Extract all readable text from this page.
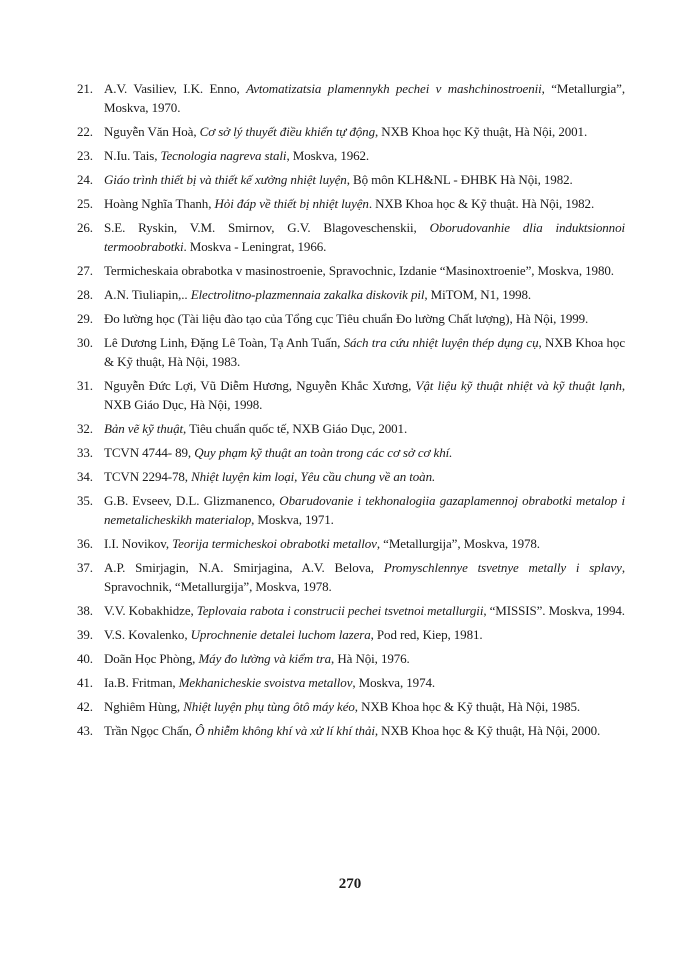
21. A.V. Vasiliev, I.K. Enno, Avtomatizatsia plamennykh pechei v mashchinostroenii, “Metallurgia”, Moskva, 1970.
22. Nguyễn Văn Hoà, Cơ sở lý thuyết điều khiển tự động, NXB Khoa học Kỹ thuật, Hà Nội, 2001.
23. N.Iu. Tais, Tecnologia nagreva stali, Moskva, 1962.
24. Giáo trình thiết bị và thiết kế xưởng nhiệt luyện, Bộ môn KLH&NL - ĐHBK Hà Nội, 1982.
25. Hoàng Nghĩa Thanh, Hỏi đáp về thiết bị nhiệt luyện. NXB Khoa học & Kỹ thuật. Hà Nội, 1982.
26. S.E. Ryskin, V.M. Smirnov, G.V. Blagoveschenskii, Oborudovanhie dlia induktsionnoi termoobrabotki. Moskva - Leningrat, 1966.
27. Termicheskaia obrabotka v masinostroenie, Spravochnic, Izdanie “Masinoxtroenie”, Moskva, 1980.
28. A.N. Tiuliapin,.. Electrolitno-plazmennaia zakalka diskovik pil, MiTOM, N1, 1998.
29. Đo lường học (Tài liệu đào tạo của Tổng cục Tiêu chuẩn Đo lường Chất lượng), Hà Nội, 1999.
30. Lê Dương Linh, Đặng Lê Toàn, Tạ Anh Tuấn, Sách tra cứu nhiệt luyện thép dụng cụ, NXB Khoa học & Kỹ thuật, Hà Nội, 1983.
31. Nguyễn Đức Lợi, Vũ Diễm Hương, Nguyễn Khắc Xương, Vật liệu kỹ thuật nhiệt và kỹ thuật lạnh, NXB Giáo Dục, Hà Nội, 1998.
32. Bản vẽ kỹ thuật, Tiêu chuẩn quốc tế, NXB Giáo Dục, 2001.
33. TCVN 4744- 89, Quy phạm kỹ thuật an toàn trong các cơ sở cơ khí.
34. TCVN 2294-78, Nhiệt luyện kim loại, Yêu cầu chung về an toàn.
35. G.B. Evseev, D.L. Glizmanenco, Obarudovanie i tekhonalogiia gazaplamennoj obrabotki metalop i nemetalicheskikh materialop, Moskva, 1971.
36. I.I. Novikov, Teorija termicheskoi obrabotki metallov, “Metallurgija”, Moskva, 1978.
37. A.P. Smirjagin, N.A. Smirjagina, A.V. Belova, Promyschlennye tsvetnye metally i splavy, Spravochnik, “Metallurgija”, Moskva, 1978.
38. V.V. Kobakhidze, Teplovaia rabota i construcii pechei tsvetnoi metallurgii, “MISSIS”. Moskva, 1994.
39. V.S. Kovalenko, Uprochnenie detalei luchom lazera, Pod red, Kiep, 1981.
40. Doãn Học Phòng, Máy đo lường và kiểm tra, Hà Nội, 1976.
41. Ia.B. Fritman, Mekhanicheskie svoistva metallov, Moskva, 1974.
42. Nghiêm Hùng, Nhiệt luyện phụ tùng ôtô máy kéo, NXB Khoa học & Kỹ thuật, Hà Nội, 1985.
43. Trần Ngọc Chấn, Ô nhiễm không khí và xử lí khí thải, NXB Khoa học & Kỹ thuật, Hà Nội, 2000.
270
